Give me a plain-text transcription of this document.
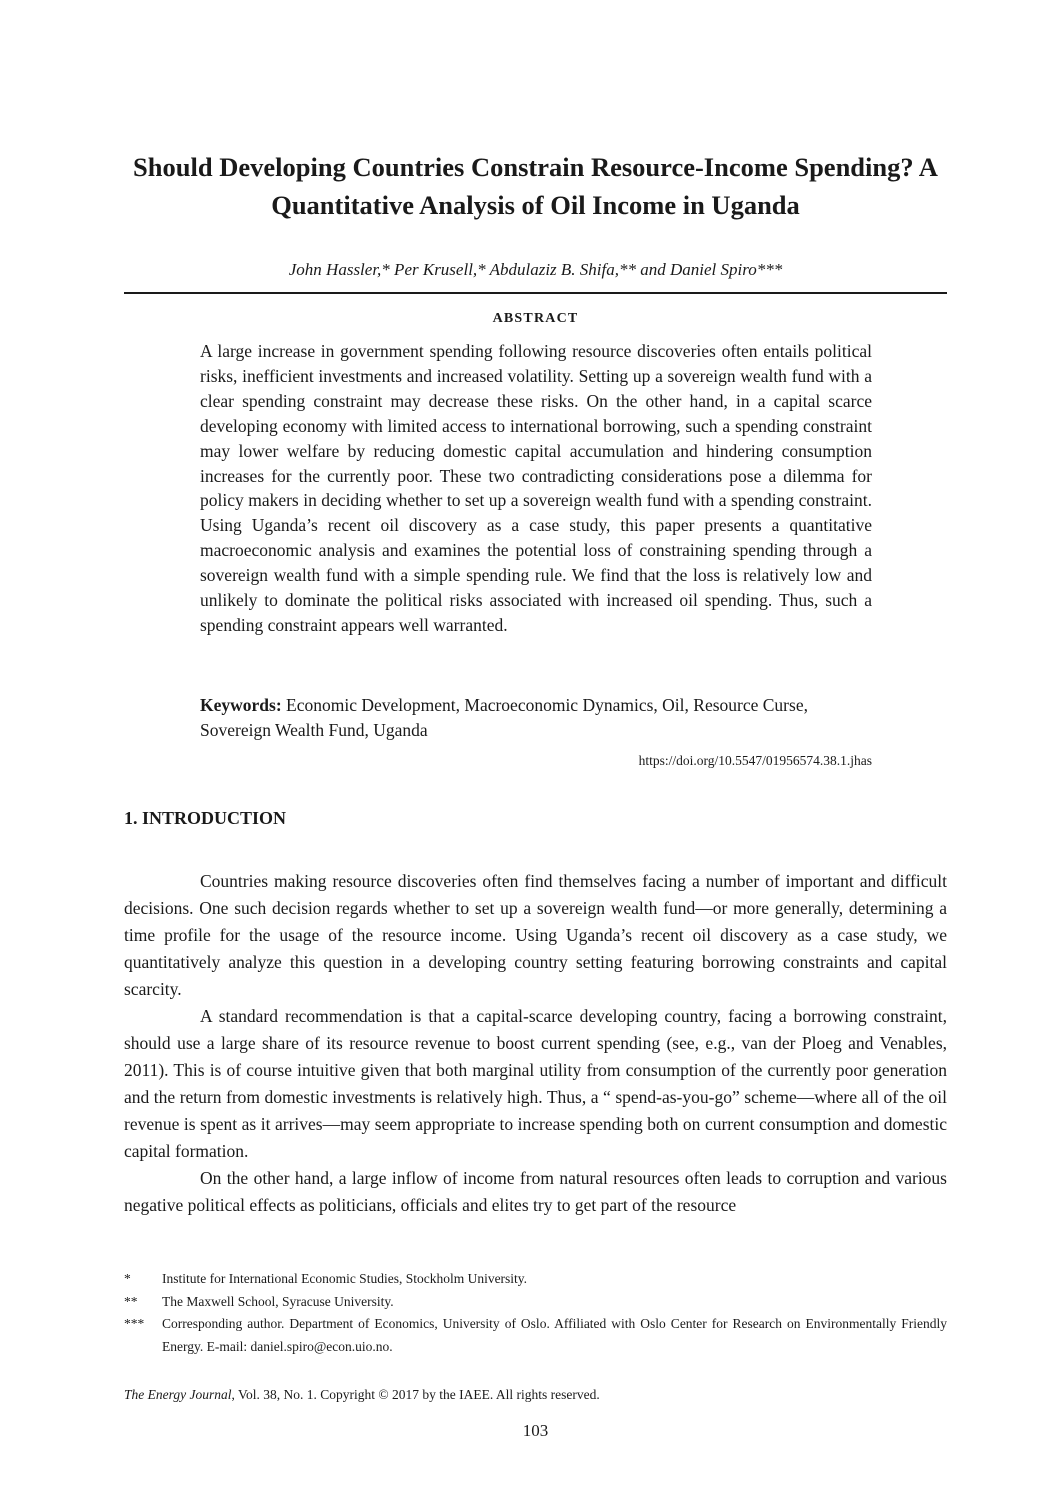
Should Developing Countries Constrain Resource-Income Spending? A Quantitative Analysis of Oil Income in Uganda
John Hassler,* Per Krusell,* Abdulaziz B. Shifa,** and Daniel Spiro***
ABSTRACT
A large increase in government spending following resource discoveries often entails political risks, inefficient investments and increased volatility. Setting up a sovereign wealth fund with a clear spending constraint may decrease these risks. On the other hand, in a capital scarce developing economy with limited access to international borrowing, such a spending constraint may lower welfare by reducing domestic capital accumulation and hindering consumption increases for the currently poor. These two contradicting considerations pose a dilemma for policy makers in deciding whether to set up a sovereign wealth fund with a spending constraint. Using Uganda’s recent oil discovery as a case study, this paper presents a quantitative macroeconomic analysis and examines the potential loss of constraining spending through a sovereign wealth fund with a simple spending rule. We find that the loss is relatively low and unlikely to dominate the political risks associated with increased oil spending. Thus, such a spending constraint appears well warranted.
Keywords: Economic Development, Macroeconomic Dynamics, Oil, Resource Curse, Sovereign Wealth Fund, Uganda
https://doi.org/10.5547/01956574.38.1.jhas
1. INTRODUCTION

Countries making resource discoveries often find themselves facing a number of important and difficult decisions. One such decision regards whether to set up a sovereign wealth fund—or more generally, determining a time profile for the usage of the resource income. Using Uganda’s recent oil discovery as a case study, we quantitatively analyze this question in a developing country setting featuring borrowing constraints and capital scarcity.

A standard recommendation is that a capital-scarce developing country, facing a borrowing constraint, should use a large share of its resource revenue to boost current spending (see, e.g., van der Ploeg and Venables, 2011). This is of course intuitive given that both marginal utility from consumption of the currently poor generation and the return from domestic investments is relatively high. Thus, a “ spend-as-you-go” scheme—where all of the oil revenue is spent as it arrives—may seem appropriate to increase spending both on current consumption and domestic capital formation.

On the other hand, a large inflow of income from natural resources often leads to corruption and various negative political effects as politicians, officials and elites try to get part of the resource

*	Institute for International Economic Studies, Stockholm University.
**	The Maxwell School, Syracuse University.
***	Corresponding author. Department of Economics, University of Oslo. Affiliated with Oslo Center for Research on Environmentally Friendly Energy. E-mail: daniel.spiro@econ.uio.no.
The Energy Journal, Vol. 38, No. 1. Copyright © 2017 by the IAEE. All rights reserved.
103
